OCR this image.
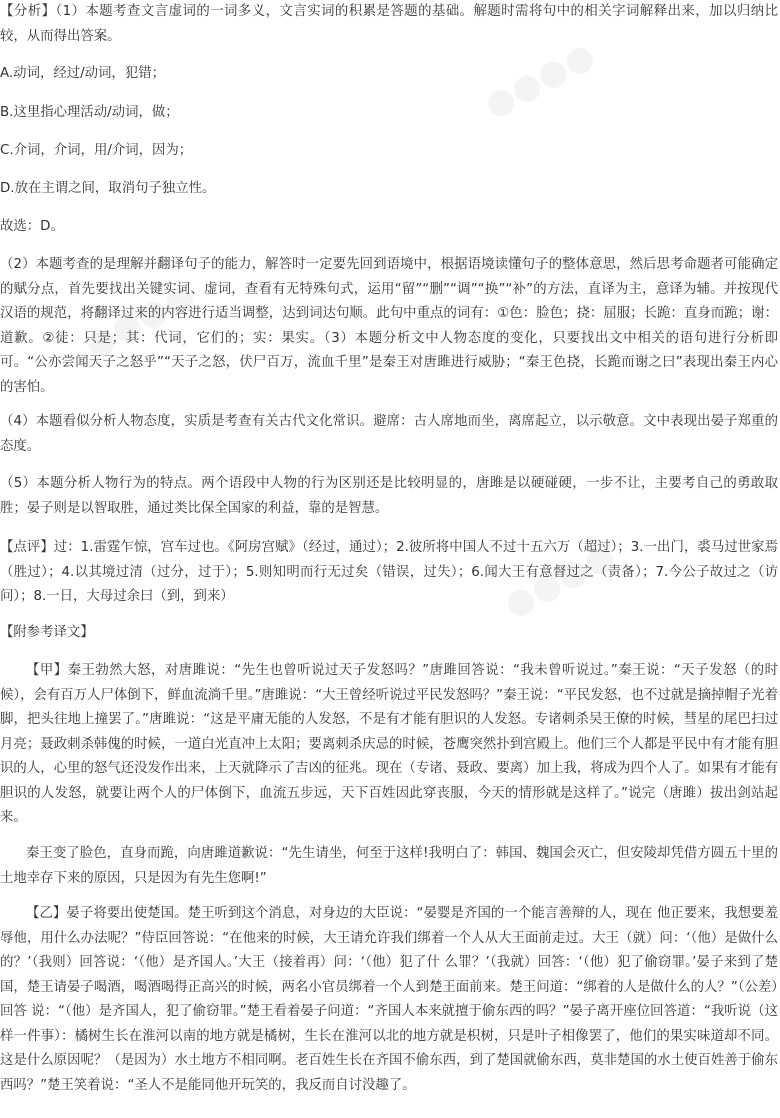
●●●●
●●●●
●●●●
【分析】（1）本题考查文言虚词的一词多义，文言实词的积累是答题的基础。解题时需将句中的相关字词解释出来，加以归纳比较，从而得出答案。
A.动词，经过/动词，犯错；
B.这里指心理活动/动词，做；
C.介词，介词，用/介词，因为；
D.放在主谓之间，取消句子独立性。
故选：D。
（2）本题考查的是理解并翻译句子的能力，解答时一定要先回到语境中，根据语境读懂句子的整体意思，然后思考命题者可能确定的赋分点，首先要找出关键实词、虚词，查看有无特殊句式，运用“留”“删”“调”“换”“补”的方法，直译为主，意译为辅。并按现代汉语的规范，将翻译过来的内容进行适当调整，达到词达句顺。此句中重点的词有：①色：脸色；挠：屈服；长跪：直身而跪；谢：道歉。②徒：只是；其：代词，它们的；实：果实。（3）本题分析文中人物态度的变化，只要找出文中相关的语句进行分析即可。“公亦尝闻天子之怒乎”“天子之怒，伏尸百万，流血千里”是秦王对唐雎进行威胁；“秦王色挠，长跪而谢之曰”表现出秦王内心的害怕。
（4）本题看似分析人物态度，实质是考查有关古代文化常识。避席：古人席地而坐，离席起立，以示敬意。文中表现出晏子郑重的态度。
（5）本题分析人物行为的特点。两个语段中人物的行为区别还是比较明显的，唐雎是以硬碰硬，一步不让，主要考自己的勇敢取胜；晏子则是以智取胜，通过类比保全国家的利益，靠的是智慧。
【点评】过：1.雷霆乍惊，宫车过也。《阿房宫赋》（经过，通过）；2.彼所将中国人不过十五六万（超过）；3.一出门，裘马过世家焉（胜过）；4.以其境过清（过分，过于）；5.则知明而行无过矣（错误，过失）；6.闻大王有意督过之（责备）；7.今公子故过之（访问）；8.一日，大母过余曰（到，到来）
【附参考译文】
【甲】秦王勃然大怒，对唐雎说：“先生也曾听说过天子发怒吗？”唐雎回答说：“我未曾听说过。”秦王说：“天子发怒（的时候），会有百万人尸体倒下，鲜血流淌千里。”唐雎说：“大王曾经听说过平民发怒吗？”秦王说：“平民发怒，也不过就是摘掉帽子光着脚，把头往地上撞罢了。”唐雎说：“这是平庸无能的人发怒，不是有才能有胆识的人发怒。专诸刺杀吴王僚的时候，彗星的尾巴扫过月亮；聂政刺杀韩傀的时候，一道白光直冲上太阳；要离刺杀庆忌的时候，苍鹰突然扑到宫殿上。他们三个人都是平民中有才能有胆识的人，心里的怒气还没发作出来，上天就降示了吉凶的征兆。现在（专诸、聂政、要离）加上我，将成为四个人了。如果有才能有胆识的人发怒，就要让两个人的尸体倒下，血流五步远，天下百姓因此穿丧服，今天的情形就是这样了。”说完（唐雎）拔出剑站起来。
秦王变了脸色，直身而跪，向唐雎道歉说：“先生请坐，何至于这样!我明白了：韩国、魏国会灭亡，但安陵却凭借方圆五十里的土地幸存下来的原因，只是因为有先生您啊!”
【乙】晏子将要出使楚国。楚王听到这个消息，对身边的大臣说：“晏婴是齐国的一个能言善辩的人，现在 他正要来，我想要羞辱他，用什么办法呢？”侍臣回答说：“在他来的时候，大王请允许我们绑着一个人从大王面前走过。大王（就）问：‘（他）是做什么的？’（我则）回答说：‘（他）是齐国人。’大王（接着再）问：‘（他）犯了什 么罪？’（我就）回答：‘（他）犯了偷窃罪。’晏子来到了楚国，楚王请晏子喝酒，喝酒喝得正高兴的时候，两名小官员绑着一个人到楚王面前来。楚王问道：“绑着的人是做什么的人？”（公差）回答 说：“（他）是齐国人，犯了偷窃罪。”楚王看着晏子问道：“齐国人本来就擅于偷东西的吗？”晏子离开座位回答道：“我听说（这样一件事）：橘树生长在淮河以南的地方就是橘树，生长在淮河以北的地方就是枳树，只是叶子相像罢了，他们的果实味道却不同。这是什么原因呢？（是因为）水土地方不相同啊。老百姓生长在齐国不偷东西，到了楚国就偷东西，莫非楚国的水土使百姓善于偷东西吗？”楚王笑着说：“圣人不是能同他开玩笑的，我反而自讨没趣了。
